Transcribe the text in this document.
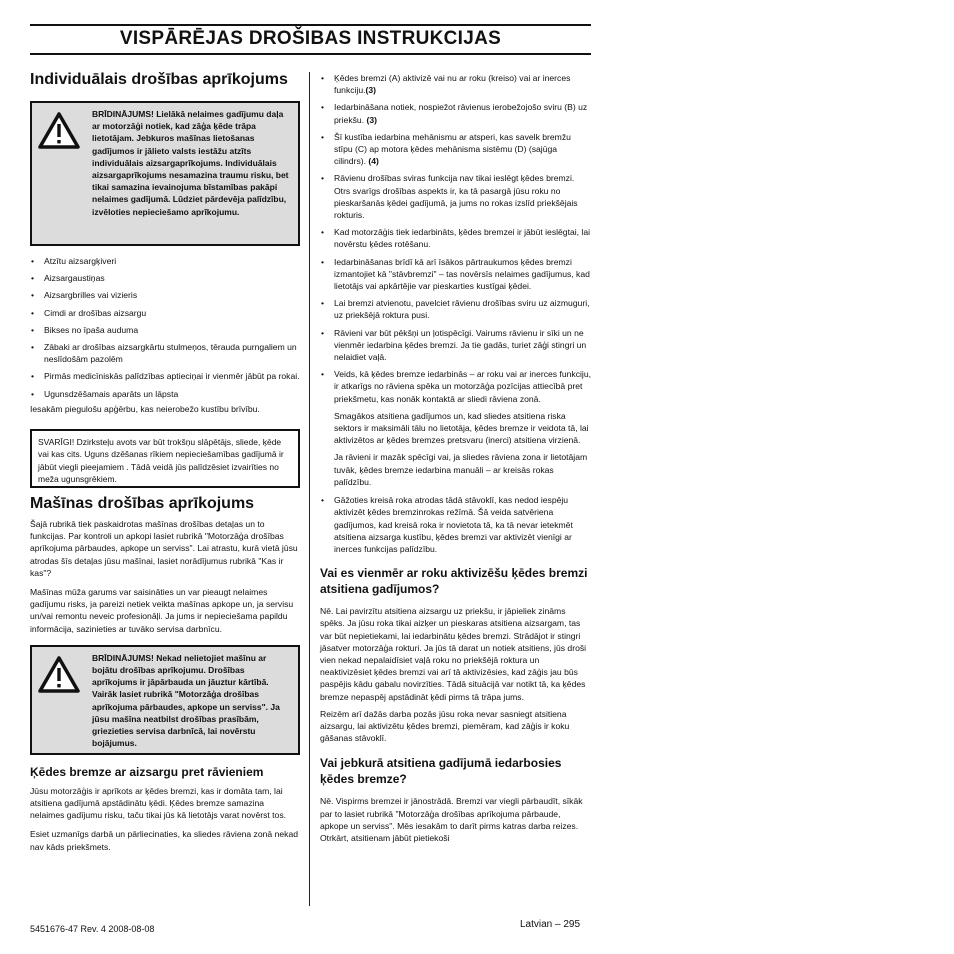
VISPĀRĒJAS DROŠIBAS INSTRUKCIJAS
Individuālais drošības aprīkojums
BRĪDINĀJUMS! Lielākā nelaimes gadījumu daļa ar motorzāģi notiek, kad zāģa ķēde trāpa lietotājam. Jebkuros mašīnas lietošanas gadījumos ir jālieto valsts iestāžu atzīts individuālais aizsargaprīkojums. Individuālais aizsargaprīkojums nesamazina traumu risku, bet tikai samazina ievainojuma bīstamības pakāpi nelaimes gadījumā. Lūdziet pārdevēja palīdzību, izvēloties nepieciešamo aprīkojumu.
• Atzītu aizsargķiveri
• Aizsargaustiņas
• Aizsargbrilles vai vizieris
• Cimdi ar drošības aizsargu
• Bikses no īpaša auduma
• Zābaki ar drošības aizsargkārtu stulmeņos, tērauda purngaliem un neslīdošām pazolēm
• Pirmās medicīniskās palīdzības aptieciņai ir vienmēr jābūt pa rokai.
• Ugunsdzēšamais aparāts un lāpsta

Iesakām piegulošu apģērbu, kas neierobežo kustību brīvību.

SVARĪGI! Dzirksteļu avots var būt trokšņu slāpētājs, sliede, ķēde vai kas cits. Uguns dzēšanas rīkiem nepieciešamības gadījumā ir jābūt viegli pieejamiem . Tādā veidā jūs palīdzēsiet izvairīties no meža ugunsgrēkiem.
Mašīnas drošības aprīkojums

Šajā rubrikā tiek paskaidrotas mašīnas drošības detaļas un to funkcijas. Par kontroli un apkopi lasiet rubrikā "Motorzāģa drošības aprīkojuma pārbaudes, apkope un serviss". Lai atrastu, kurā vietā jūsu atrodas šīs detaļas jūsu mašīnai, lasiet norādījumus rubrikā "Kas ir kas"?

Mašīnas mūža garums var saisināties un var pieaugt nelaimes gadījumu risks, ja pareizi netiek veikta mašīnas apkope un, ja servisu un/vai remontu neveic profesionāļi. Ja jums ir nepieciešama papildu informācija, sazinieties ar tuvāko servisa darbnīcu.

BRĪDINĀJUMS! Nekad nelietojiet mašīnu ar bojātu drošības aprīkojumu. Drošības aprīkojums ir jāpārbauda un jāuztur kārtībā. Vairāk lasiet rubrikā "Motorzāģa drošības aprīkojuma pārbaudes, apkope un serviss". Ja jūsu mašīna neatbilst drošības prasībām, griezieties servisa darbnīcā, lai novērstu bojājumus.
Ķēdes bremze ar aizsargu pret rāvieniem

Jūsu motorzāģis ir aprīkots ar ķēdes bremzi, kas ir domāta tam, lai atsitiena gadījumā apstādinātu ķēdi. Ķēdes bremze samazina nelaimes gadījumu risku, taču tikai jūs kā lietotājs varat novērst tos.

Esiet uzmanīgs darbā un pārliecinaties, ka sliedes rāviena zonā nekad nav kāds priekšmets.

• Ķēdes bremzi (A) aktivizē vai nu ar roku (kreiso) vai ar inerces funkciju.(3)
• Iedarbināšana notiek, nospiežot rāvienus ierobežojošo sviru (B) uz priekšu. (3)
• Šī kustība iedarbina mehānismu ar atsperi, kas savelk bremžu stīpu (C) ap motora ķēdes mehānisma sistēmu (D) (sajūga cilindrs). (4)
• Rāvienu drošības sviras funkcija nav tikai ieslēgt ķēdes bremzi. Otrs svarīgs drošības aspekts ir, ka tā pasargā jūsu roku no pieskaršanās ķēdei gadījumā, ja jums no rokas izslīd priekšējais rokturis.
• Kad motorzāģis tiek iedarbināts, ķēdes bremzei ir jābūt ieslēgtai, lai novērstu ķēdes rotēšanu.
• Iedarbināšanas brīdī kā arī īsākos pārtraukumos ķēdes bremzi izmantojiet kā "stāvbremzi" – tas novērsīs nelaimes gadījumus, kad lietotājs vai apkārtējie var pieskarties kustīgai ķēdei.
• Lai bremzi atvienotu, pavelciet rāvienu drošības sviru uz aizmuguri, uz priekšējā roktura pusi.
• Rāvieni var būt pēkšņi un ļotispēcīgi. Vairums rāvienu ir sīki un ne vienmēr iedarbina ķēdes bremzi. Ja tie gadās, turiet zāģi stingri un nelaidiet vaļā.
• Veids, kā ķēdes bremze iedarbinās – ar roku vai ar inerces funkciju, ir atkarīgs no rāviena spēka un motorzāģa pozīcijas attiecībā pret priekšmetu, kas nonāk kontaktā ar sliedi rāviena zonā.

Smagākos atsitiena gadījumos un, kad sliedes atsitiena riska sektors ir maksimāli tālu no lietotāja, ķēdes bremze ir veidota tā, lai aktivizētos ar ķēdes bremzes pretsvaru (inerci) atsitiena virzienā.

Ja rāvieni ir mazāk spēcīgi vai, ja sliedes rāviena zona ir lietotājam tuvāk, ķēdes bremze iedarbina manuāli – ar kreisās rokas palīdzību.

• Gāžoties kreisā roka atrodas tādā stāvoklī, kas nedod iespēju aktivizēt ķēdes bremzinrokas režīmā. Šā veida satvēriena gadījumos, kad kreisā roka ir novietota tā, ka tā nevar ietekmēt atsitiena aizsarga kustību, ķēdes bremzi var aktivizēt vienīgi ar inerces funkcijas palīdzību.
Vai es vienmēr ar roku aktivizēšu ķēdes bremzi atsitiena gadījumos?

Nē. Lai pavirzītu atsitiena aizsargu uz priekšu, ir jāpieliek zināms spēks. Ja jūsu roka tikai aizķer un pieskaras atsitiena aizsargam, tas var būt nepietiekami, lai iedarbinātu ķēdes bremzi. Strādājot ir stingri jāsatver motorzāģa rokturi. Ja jūs tā darat un notiek atsitiens, jūs droši vien nekad nepalaidīsiet vaļā roku no priekšējā roktura un neaktivizēsiet ķēdes bremzi vai arī tā aktivizēsies, kad zāģis jau būs paspējis kādu gabalu novirzīties. Tādā situācijā var notikt tā, ka ķēdes bremze nepaspēj apstādināt ķēdi pirms tā trāpa jums.

Reizēm arī dažās darba pozās jūsu roka nevar sasniegt atsitiena aizsargu, lai aktivizētu ķēdes bremzi, piemēram, kad zāģis ir koku gāšanas stāvoklī.

Vai jebkurā atsitiena gadījumā iedarbosies ķēdes bremze?

Nē. Vispirms bremzei ir jānostrādā. Bremzi var viegli pārbaudīt, sīkāk par to lasiet rubrikā "Motorzāģa drošības aprīkojuma pārbaude, apkope un serviss". Mēs iesakām to darīt pirms katras darba reizes. Otrkārt, atsitienam jābūt pietiekoši

5451676-47 Rev. 4 2008-08-08	Latvian – 295
